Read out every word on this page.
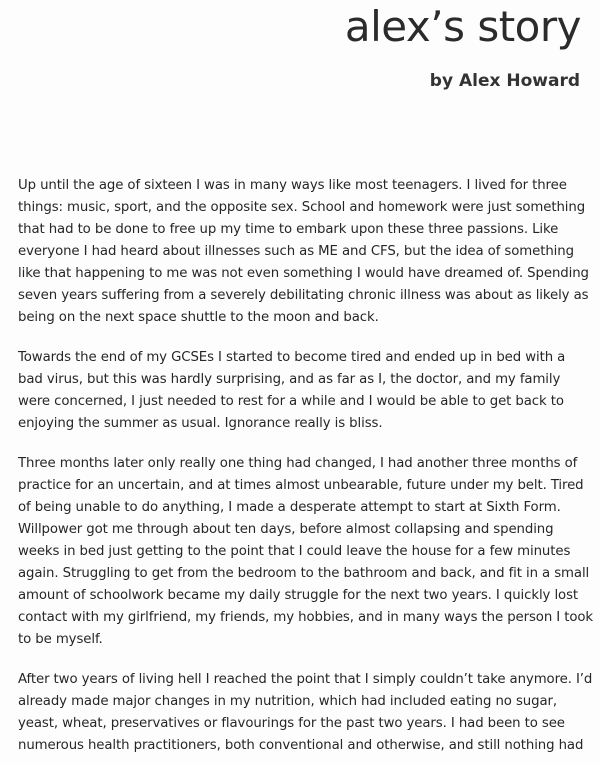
alex’s story

by Alex Howard

Up until the age of sixteen I was in many ways like most teenagers. I lived for three things: music, sport, and the opposite sex. School and homework were just something that had to be done to free up my time to embark upon these three passions. Like everyone I had heard about illnesses such as ME and CFS, but the idea of something like that happening to me was not even something I would have dreamed of. Spending seven years suffering from a severely debilitating chronic illness was about as likely as being on the next space shuttle to the moon and back.

Towards the end of my GCSEs I started to become tired and ended up in bed with a bad virus, but this was hardly surprising, and as far as I, the doctor, and my family were concerned, I just needed to rest for a while and I would be able to get back to enjoying the summer as usual. Ignorance really is bliss.

Three months later only really one thing had changed, I had another three months of practice for an uncertain, and at times almost unbearable, future under my belt. Tired of being unable to do anything, I made a desperate attempt to start at Sixth Form. Willpower got me through about ten days, before almost collapsing and spending weeks in bed just getting to the point that I could leave the house for a few minutes again. Struggling to get from the bedroom to the bathroom and back, and fit in a small amount of schoolwork became my daily struggle for the next two years. I quickly lost contact with my girlfriend, my friends, my hobbies, and in many ways the person I took to be myself.

After two years of living hell I reached the point that I simply couldn’t take anymore. I’d already made major changes in my nutrition, which had included eating no sugar, yeast, wheat, preservatives or flavourings for the past two years. I had been to see numerous health practitioners, both conventional and otherwise, and still nothing had
